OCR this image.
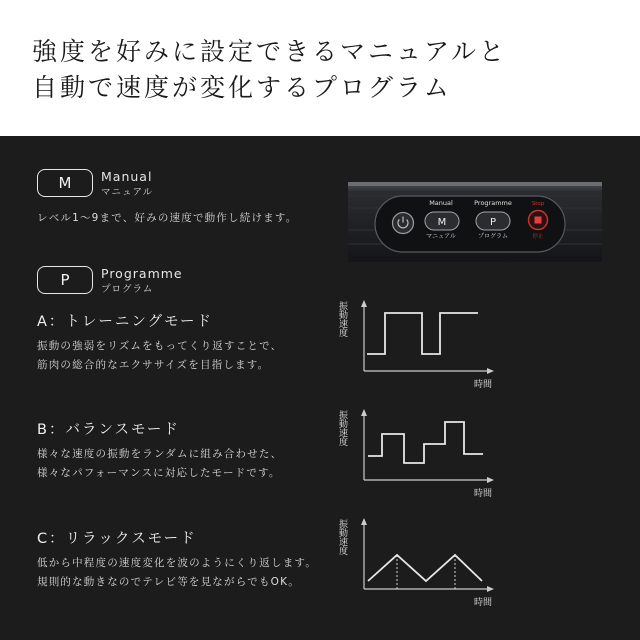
強度を好みに設定できるマニュアルと
自動で速度が変化するプログラム
M	Manual
マニュアル
レベル1～9まで、好みの速度で動作し続けます。
Manual
M
マニュアル
Programme
P
プログラム
Stop
停止
P	Programme
プログラム
A：トレーニングモード
振動の強弱をリズムをもってくり返すことで、
筋肉の総合的なエクササイズを目指します。
振動速度
時間
B：バランスモード
様々な速度の振動をランダムに組み合わせた、
様々なパフォーマンスに対応したモードです。
振動速度
時間
C：リラックスモード
低から中程度の速度変化を波のようにくり返します。
規則的な動きなのでテレビ等を見ながらでもOK。
振動速度
時間
